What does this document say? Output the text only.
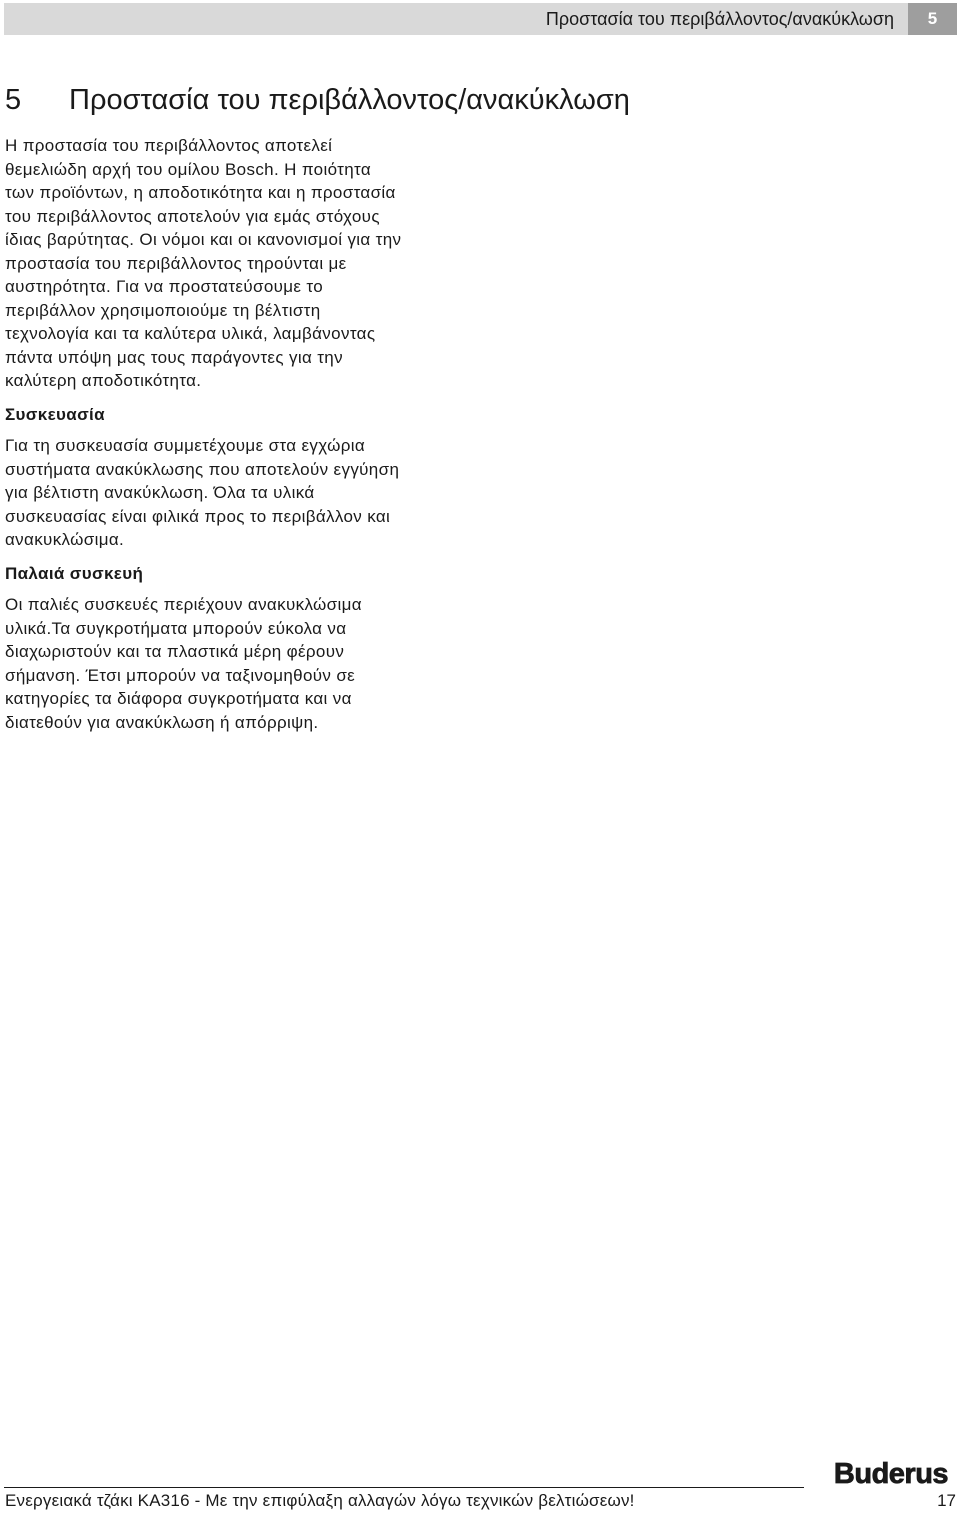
Προστασία του περιβάλλοντος/ανακύκλωση	5
5 Προστασία του περιβάλλοντος/ανακύκλωση

Η προστασία του περιβάλλοντος αποτελεί
θεμελιώδη αρχή του ομίλου Bosch. Η ποιότητα
των προϊόντων, η αποδοτικότητα και η προστασία
του περιβάλλοντος αποτελούν για εμάς στόχους
ίδιας βαρύτητας. Οι νόμοι και οι κανονισμοί για την
προστασία του περιβάλλοντος τηρούνται με
αυστηρότητα. Για να προστατεύσουμε το
περιβάλλον χρησιμοποιούμε τη βέλτιστη
τεχνολογία και τα καλύτερα υλικά, λαμβάνοντας
πάντα υπόψη μας τους παράγοντες για την
καλύτερη αποδοτικότητα.

Συσκευασία

Για τη συσκευασία συμμετέχουμε στα εγχώρια
συστήματα ανακύκλωσης που αποτελούν εγγύηση
για βέλτιστη ανακύκλωση. Όλα τα υλικά
συσκευασίας είναι φιλικά προς το περιβάλλον και
ανακυκλώσιμα.

Παλαιά συσκευή

Οι παλιές συσκευές περιέχουν ανακυκλώσιμα
υλικά.Τα συγκροτήματα μπορούν εύκολα να
διαχωριστούν και τα πλαστικά μέρη φέρουν
σήμανση. Έτσι μπορούν να ταξινομηθούν σε
κατηγορίες τα διάφορα συγκροτήματα και να
διατεθούν για ανακύκλωση ή απόρριψη.

Buderus
Ενεργειακά τζάκι KA316 - Με την επιφύλαξη αλλαγών λόγω τεχνικών βελτιώσεων!	17
